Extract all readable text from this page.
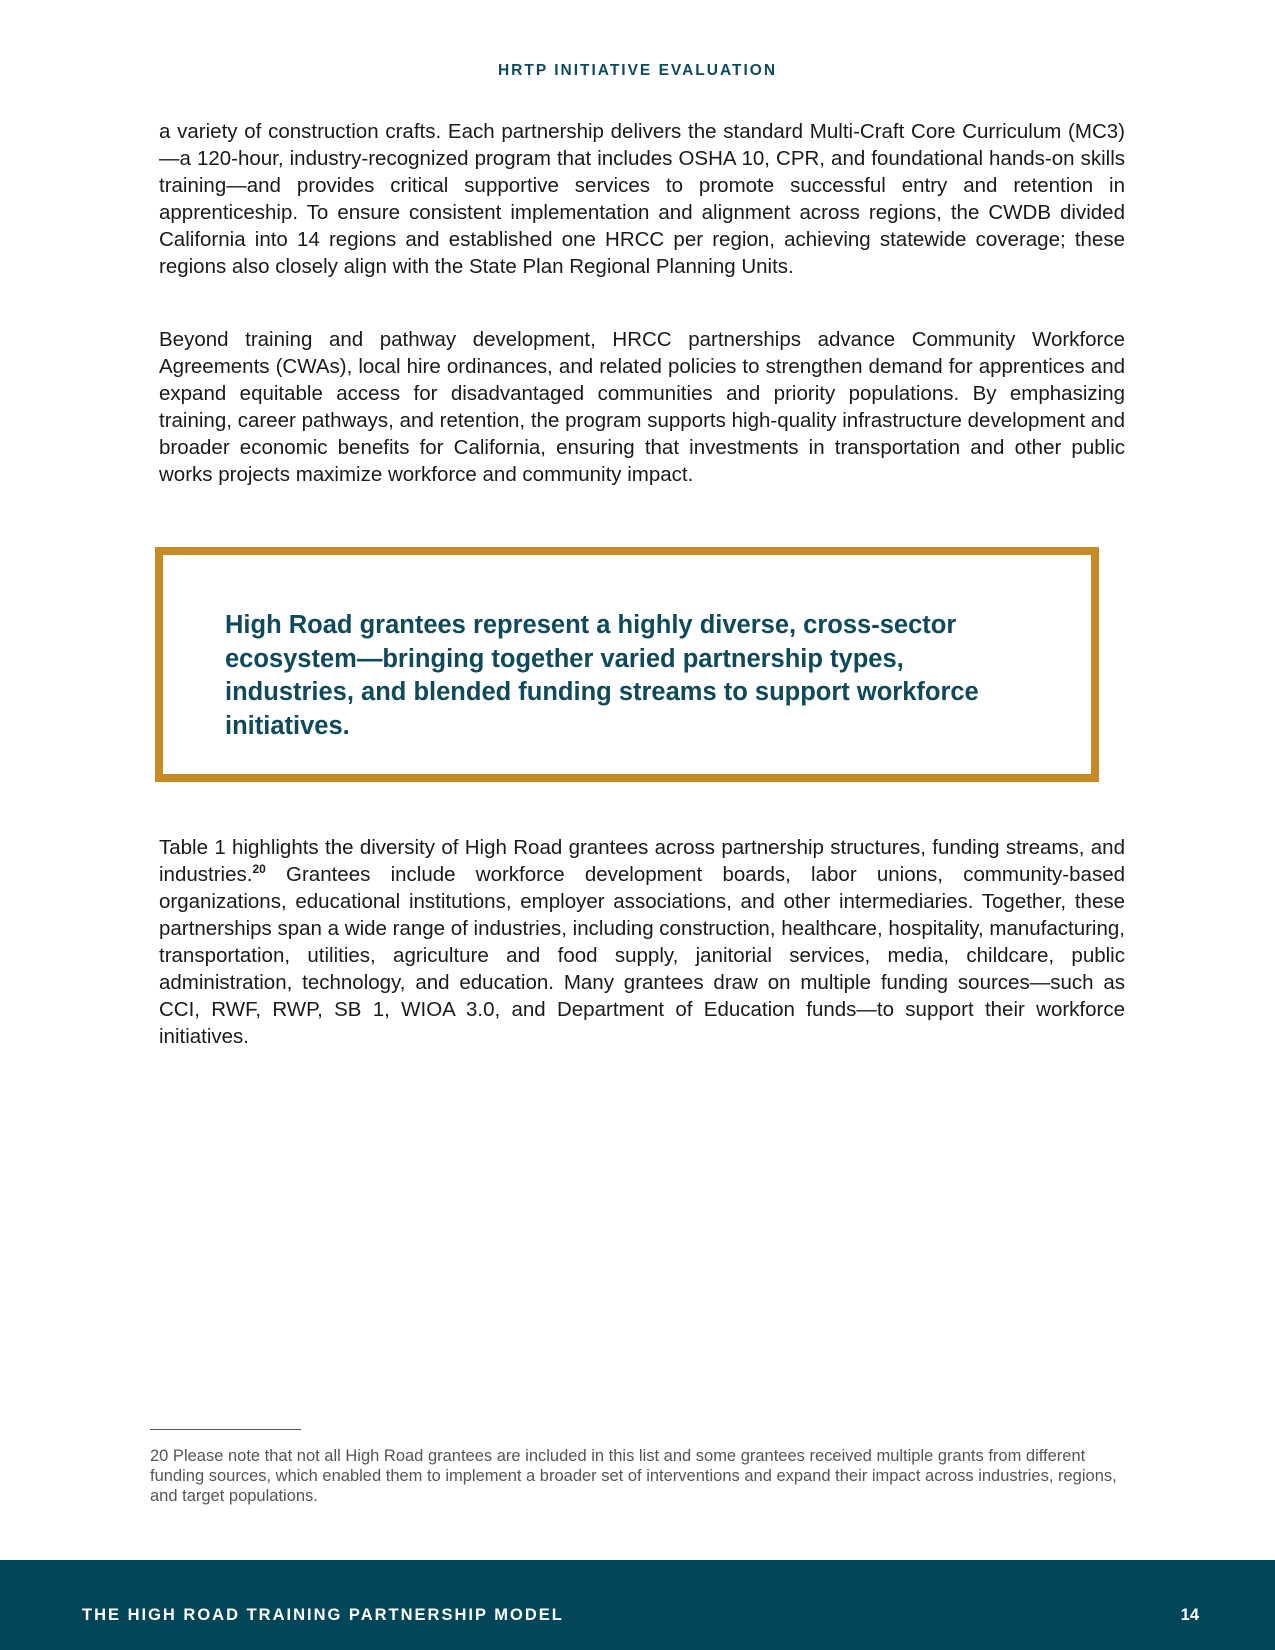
HRTP INITIATIVE EVALUATION

a variety of construction crafts. Each partnership delivers the standard Multi-Craft Core Curriculum (MC3)—a 120-hour, industry-recognized program that includes OSHA 10, CPR, and foundational hands-on skills training—and provides critical supportive services to promote successful entry and retention in apprenticeship. To ensure consistent implementation and alignment across regions, the CWDB divided California into 14 regions and established one HRCC per region, achieving statewide coverage; these regions also closely align with the State Plan Regional Planning Units.

Beyond training and pathway development, HRCC partnerships advance Community Workforce Agreements (CWAs), local hire ordinances, and related policies to strengthen demand for apprentices and expand equitable access for disadvantaged communities and priority populations. By emphasizing training, career pathways, and retention, the program supports high-quality infrastructure development and broader economic benefits for California, ensuring that investments in transportation and other public works projects maximize workforce and community impact.

High Road grantees represent a highly diverse, cross-sector ecosystem—bringing together varied partnership types, industries, and blended funding streams to support workforce initiatives.

Table 1 highlights the diversity of High Road grantees across partnership structures, funding streams, and industries.$^{20}$ Grantees include workforce development boards, labor unions, community-based organizations, educational institutions, employer associations, and other intermediaries. Together, these partnerships span a wide range of industries, including construction, healthcare, hospitality, manufacturing, transportation, utilities, agriculture and food supply, janitorial services, media, childcare, public administration, technology, and education. Many grantees draw on multiple funding sources—such as CCI, RWF, RWP, SB 1, WIOA 3.0, and Department of Education funds—to support their workforce initiatives.

20 Please note that not all High Road grantees are included in this list and some grantees received multiple grants from different funding sources, which enabled them to implement a broader set of interventions and expand their impact across industries, regions, and target populations.

THE HIGH ROAD TRAINING PARTNERSHIP MODEL	14
